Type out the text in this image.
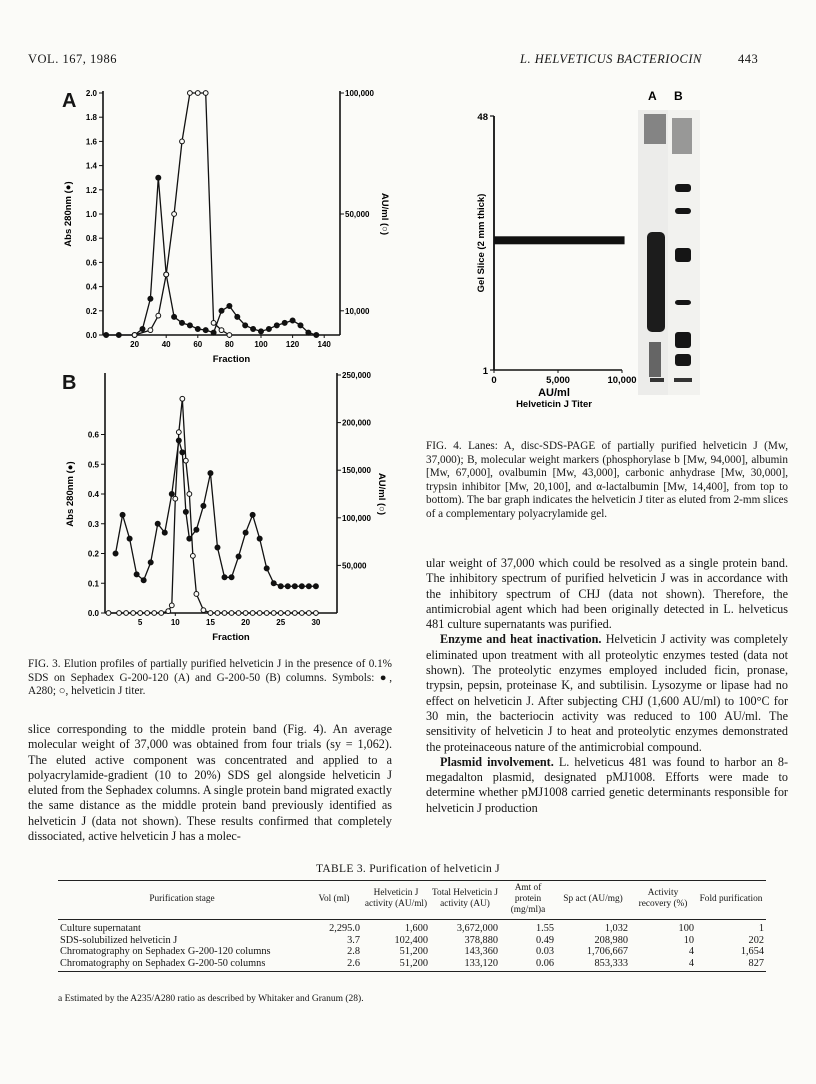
VOL. 167, 1986	L. HELVETICUS BACTERIOCIN	443
A
0.0
0.2
0.4
0.6
0.8
1.0
1.2
1.4
1.6
1.8
2.0
10,000
50,000
100,000
20	40	60	80	100 120 140
Fraction
Abs 280nm (●)	AU/ml (○)
B
0.0
0.1
0.2
0.3
0.4
0.5
0.6
50,000
100,000
150,000
200,000
250,000
5	10	15	20	25	30
Fraction
Abs 280nm (●)	AU/ml (○)
A B
1
48
0	5,000	10,000
Gel Slice (2 mm thick)
AU/ml
Helveticin J Titer
FIG. 3. Elution profiles of partially purified helveticin J in the presence of 0.1% SDS on Sephadex G-200-120 (A) and G-200-50 (B) columns. Symbols: ●, A280; ○, helveticin J titer.

slice corresponding to the middle protein band (Fig. 4). An average molecular weight of 37,000 was obtained from four trials (sy = 1,062). The eluted active component was concentrated and applied to a polyacrylamide-gradient (10 to 20%) SDS gel alongside helveticin J eluted from the Sephadex columns. A single protein band migrated exactly the same distance as the middle protein band previously identified as helveticin J (data not shown). These results confirmed that completely dissociated, active helveticin J has a molec-

FIG. 4. Lanes: A, disc-SDS-PAGE of partially purified helveticin J (Mw, 37,000); B, molecular weight markers (phosphorylase b [Mw, 94,000], albumin [Mw, 67,000], ovalbumin [Mw, 43,000], carbonic anhydrase [Mw, 30,000], trypsin inhibitor [Mw, 20,100], and α-lactalbumin [Mw, 14,400], from top to bottom). The bar graph indicates the helveticin J titer as eluted from 2-mm slices of a complementary polyacrylamide gel.

ular weight of 37,000 which could be resolved as a single protein band. The inhibitory spectrum of purified helveticin J was in accordance with the inhibitory spectrum of CHJ (data not shown). Therefore, the antimicrobial agent which had been originally detected in L. helveticus 481 culture supernatants was purified.

Enzyme and heat inactivation. Helveticin J activity was completely eliminated upon treatment with all proteolytic enzymes tested (data not shown). The proteolytic enzymes employed included ficin, pronase, trypsin, pepsin, proteinase K, and subtilisin. Lysozyme or lipase had no effect on helveticin J. After subjecting CHJ (1,600 AU/ml) to 100°C for 30 min, the bacteriocin activity was reduced to 100 AU/ml. The sensitivity of helveticin J to heat and proteolytic enzymes demonstrated the proteinaceous nature of the antimicrobial compound.

Plasmid involvement. L. helveticus 481 was found to harbor an 8-megadalton plasmid, designated pMJ1008. Efforts were made to determine whether pMJ1008 carried genetic determinants responsible for helveticin J production

TABLE 3. Purification of helveticin J
Purification stage	Vol (ml)	Helveticin J activity (AU/ml)	Total Helveticin J activity (AU)	Amt of protein (mg/ml)a	Sp act (AU/mg)	Activity recovery (%)	Fold purification
Culture supernatant	2,295.0	1,600	3,672,000	1.55	1,032	100	1
SDS-solubilized helveticin J	3.7	102,400	378,880	0.49	208,980	10	202
Chromatography on Sephadex G-200-120 columns	2.8	51,200	143,360	0.03	1,706,667	4	1,654
Chromatography on Sephadex G-200-50 columns	2.6	51,200	133,120	0.06	853,333	4	827
a Estimated by the A235/A280 ratio as described by Whitaker and Granum (28).
